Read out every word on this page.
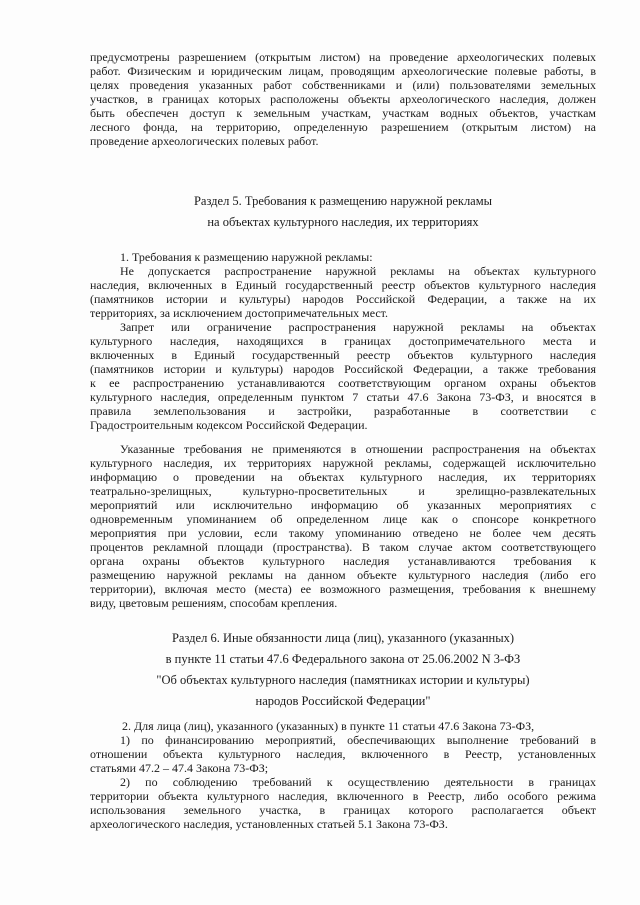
предусмотрены разрешением (открытым листом) на проведение археологических полевых
работ. Физическим и юридическим лицам, проводящим археологические полевые работы, в
целях проведения указанных работ собственниками и (или) пользователями земельных
участков, в границах которых расположены объекты археологического наследия, должен
быть обеспечен доступ к земельным участкам, участкам водных объектов, участкам
лесного фонда, на территорию, определенную разрешением (открытым листом) на
проведение археологических полевых работ.
Раздел 5. Требования к размещению наружной рекламы
на объектах культурного наследия, их территориях
1. Требования к размещению наружной рекламы:
Не допускается распространение наружной рекламы на объектах культурного
наследия, включенных в Единый государственный реестр объектов культурного наследия
(памятников истории и культуры) народов Российской Федерации, а также на их
территориях, за исключением достопримечательных мест.
Запрет или ограничение распространения наружной рекламы на объектах
культурного наследия, находящихся в границах достопримечательного места и
включенных в Единый государственный реестр объектов культурного наследия
(памятников истории и культуры) народов Российской Федерации, а также требования
к ее распространению устанавливаются соответствующим органом охраны объектов
культурного наследия, определенным пунктом 7 статьи 47.6 Закона 73-ФЗ, и вносятся в
правила землепользования и застройки, разработанные в соответствии с
Градостроительным кодексом Российской Федерации.
Указанные требования не применяются в отношении распространения на объектах
культурного наследия, их территориях наружной рекламы, содержащей исключительно
информацию о проведении на объектах культурного наследия, их территориях
театрально-зрелищных, культурно-просветительных и зрелищно-развлекательных
мероприятий или исключительно информацию об указанных мероприятиях с
одновременным упоминанием об определенном лице как о спонсоре конкретного
мероприятия при условии, если такому упоминанию отведено не более чем десять
процентов рекламной площади (пространства). В таком случае актом соответствующего
органа охраны объектов культурного наследия устанавливаются требования к
размещению наружной рекламы на данном объекте культурного наследия (либо его
территории), включая место (места) ее возможного размещения, требования к внешнему
виду, цветовым решениям, способам крепления.
Раздел 6. Иные обязанности лица (лиц), указанного (указанных)
в пункте 11 статьи 47.6 Федерального закона от 25.06.2002 N 3-ФЗ
"Об объектах культурного наследия (памятниках истории и культуры)
народов Российской Федерации"
2. Для лица (лиц), указанного (указанных) в пункте 11 статьи 47.6 Закона 73-ФЗ,
1) по финансированию мероприятий, обеспечивающих выполнение требований в
отношении объекта культурного наследия, включенного в Реестр, установленных
статьями 47.2 – 47.4 Закона 73-ФЗ;
2) по соблюдению требований к осуществлению деятельности в границах
территории объекта культурного наследия, включенного в Реестр, либо особого режима
использования земельного участка, в границах которого располагается объект
археологического наследия, установленных статьей 5.1 Закона 73-ФЗ.
